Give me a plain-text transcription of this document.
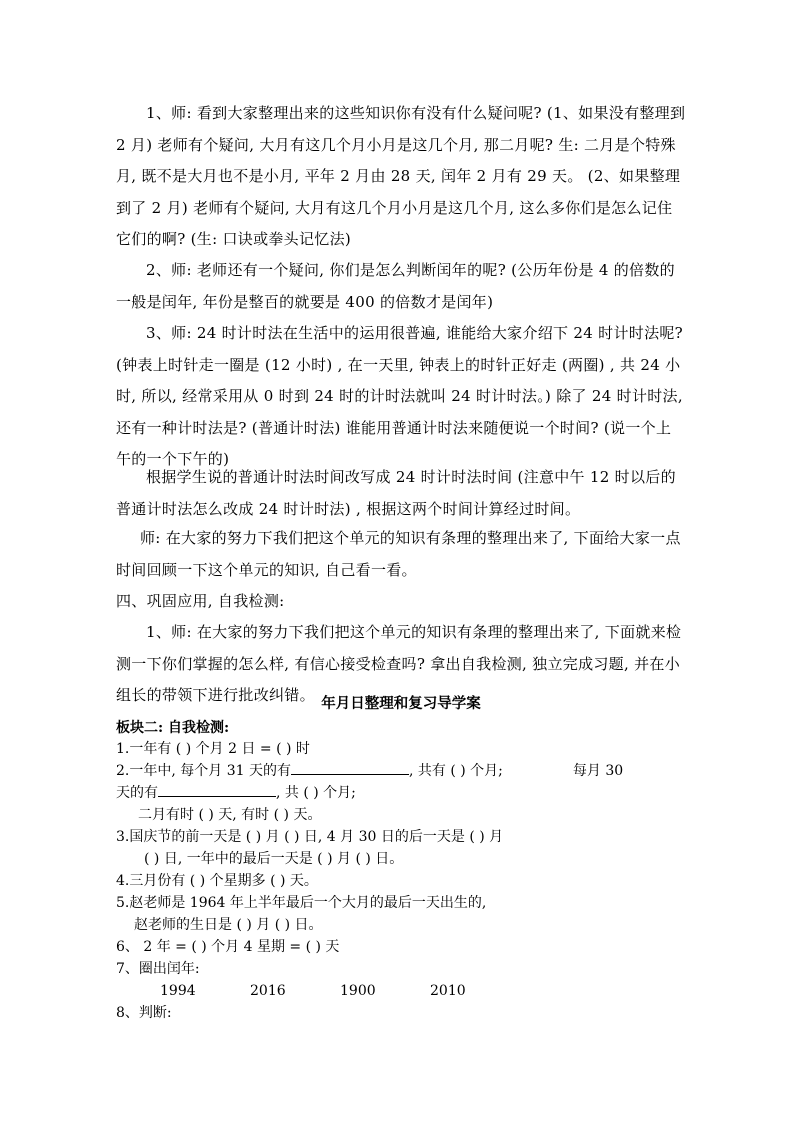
1、师: 看到大家整理出来的这些知识你有没有什么疑问呢? (1、如果没有整理到 2 月) 老师有个疑问, 大月有这几个月小月是这几个月, 那二月呢? 生: 二月是个特殊月, 既不是大月也不是小月, 平年 2 月由 28 天, 闰年 2 月有 29 天。 (2、如果整理到了 2 月) 老师有个疑问, 大月有这几个月小月是这几个月, 这么多你们是怎么记住它们的啊? (生: 口诀或拳头记忆法)

2、师: 老师还有一个疑问, 你们是怎么判断闰年的呢? (公历年份是 4 的倍数的一般是闰年, 年份是整百的就要是 400 的倍数才是闰年)

3、师: 24 时计时法在生活中的运用很普遍, 谁能给大家介绍下 24 时计时法呢? (钟表上时针走一圈是 (12 小时) , 在一天里, 钟表上的时针正好走 (两圈) , 共 24 小时, 所以, 经常采用从 0 时到 24 时的计时法就叫 24 时计时法。) 除了 24 时计时法, 还有一种计时法是? (普通计时法) 谁能用普通计时法来随便说一个时间? (说一个上午的一个下午的)

根据学生说的普通计时法时间改写成 24 时计时法时间 (注意中午 12 时以后的普通计时法怎么改成 24 时计时法) , 根据这两个时间计算经过时间。

师: 在大家的努力下我们把这个单元的知识有条理的整理出来了, 下面给大家一点时间回顾一下这个单元的知识, 自己看一看。

四、巩固应用, 自我检测:

1、师: 在大家的努力下我们把这个单元的知识有条理的整理出来了, 下面就来检测一下你们掌握的怎么样, 有信心接受检查吗? 拿出自我检测, 独立完成习题, 并在小组长的带领下进行批改纠错。 年月日整理和复习导学案

板块二: 自我检测:

1.一年有 ( ) 个月 2 日 = ( ) 时

2.一年中, 每个月 31 天的有	, 共有 ( ) 个月;	每月 30

天的有	, 共 ( ) 个月;

二月有时 ( ) 天, 有时 ( ) 天。

3.国庆节的前一天是 ( ) 月 ( ) 日, 4 月 30 日的后一天是 ( ) 月

( ) 日, 一年中的最后一天是 ( ) 月 ( ) 日。

4.三月份有 ( ) 个星期多 ( ) 天。

5.赵老师是 1964 年上半年最后一个大月的最后一天出生的,

赵老师的生日是 ( ) 月 ( ) 日。

6、 2 年 = ( ) 个月 4 星期 = ( ) 天

7、圈出闰年:

1994	2016	1900	2010

8、判断:
